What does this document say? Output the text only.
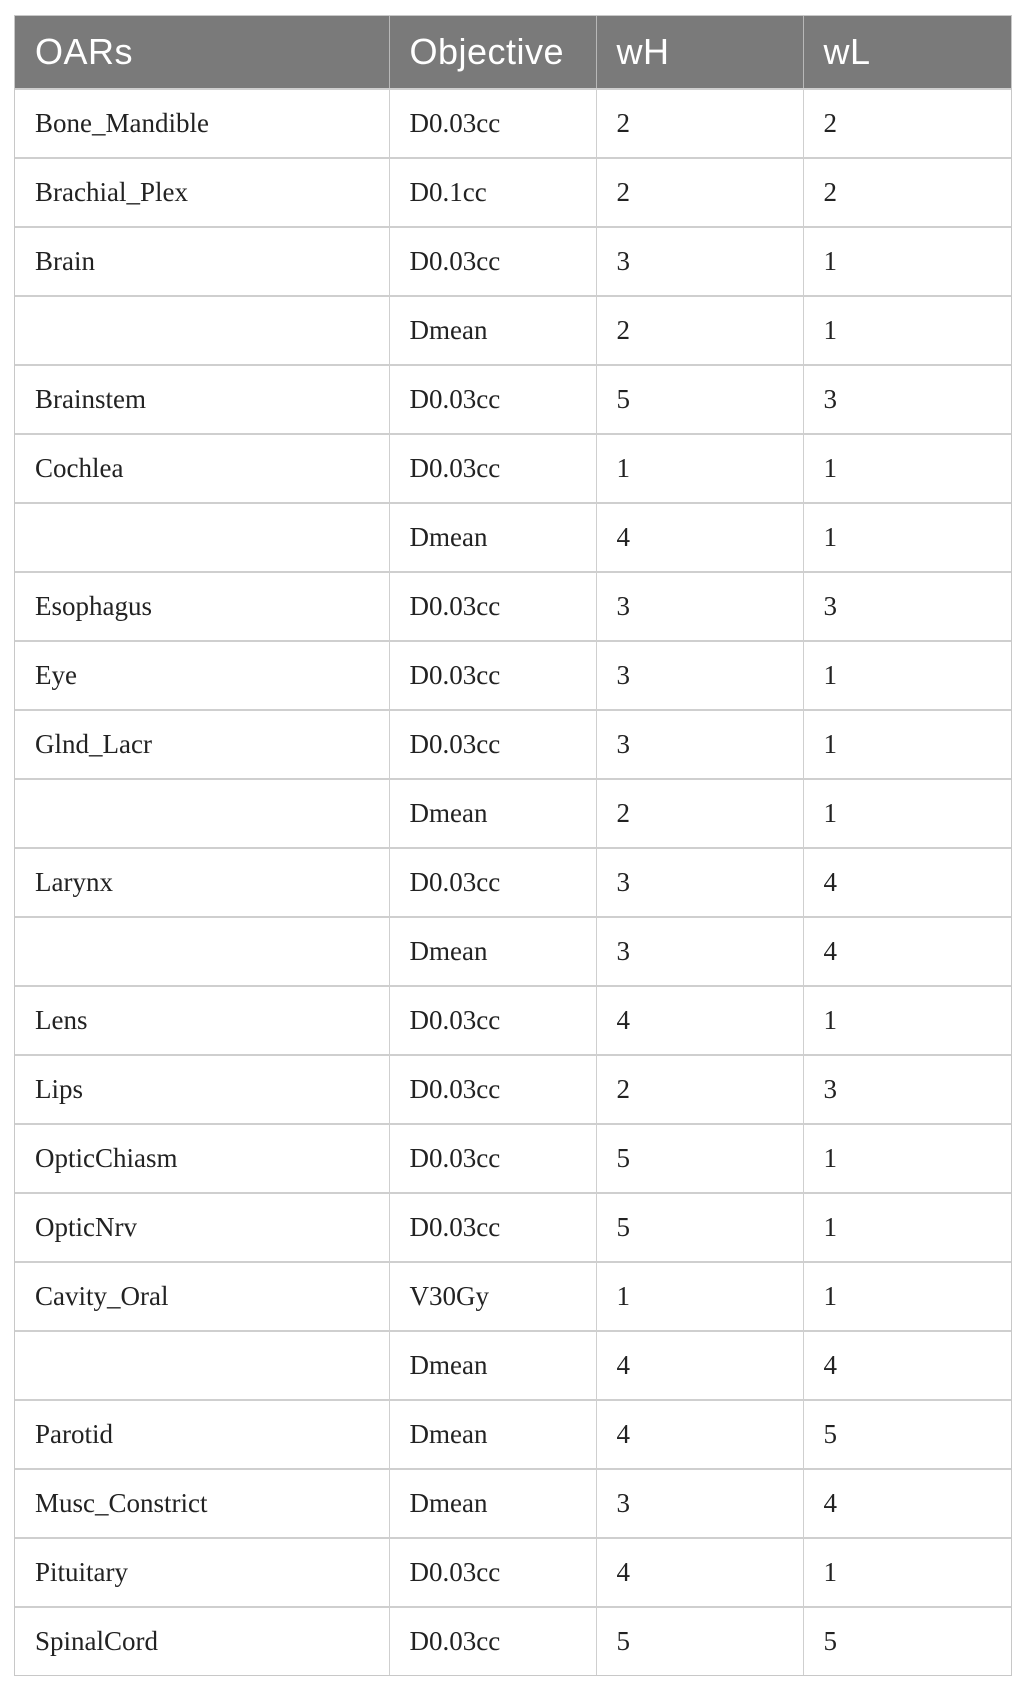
OARs	Objective	wH	wL
Bone_Mandible	D0.03cc	2	2
Brachial_Plex	D0.1cc	2	2
Brain	D0.03cc	3	1
	Dmean	2	1
Brainstem	D0.03cc	5	3
Cochlea	D0.03cc	1	1
	Dmean	4	1
Esophagus	D0.03cc	3	3
Eye	D0.03cc	3	1
Glnd_Lacr	D0.03cc	3	1
	Dmean	2	1
Larynx	D0.03cc	3	4
	Dmean	3	4
Lens	D0.03cc	4	1
Lips	D0.03cc	2	3
OpticChiasm	D0.03cc	5	1
OpticNrv	D0.03cc	5	1
Cavity_Oral	V30Gy	1	1
	Dmean	4	4
Parotid	Dmean	4	5
Musc_Constrict	Dmean	3	4
Pituitary	D0.03cc	4	1
SpinalCord	D0.03cc	5	5
